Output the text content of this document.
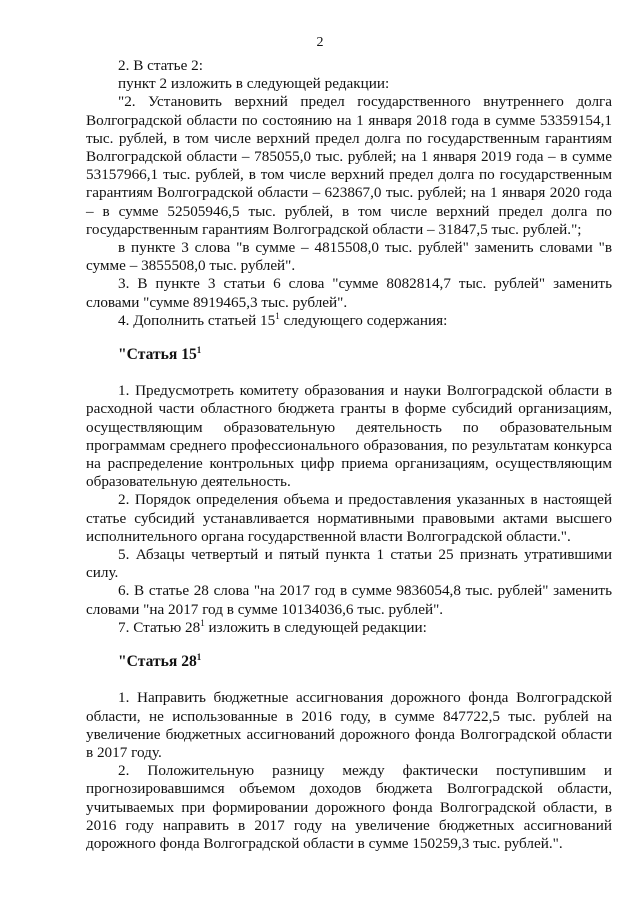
2

2. В статье 2:

пункт 2 изложить в следующей редакции:

"2. Установить верхний предел государственного внутреннего долга Волгоградской области по состоянию на 1 января 2018 года в сумме 53359154,1 тыс. рублей, в том числе верхний предел долга по государственным гарантиям Волгоградской области – 785055,0 тыс. рублей; на 1 января 2019 года – в сумме 53157966,1 тыс. рублей, в том числе верхний предел долга по государственным гарантиям Волгоградской области – 623867,0 тыс. рублей; на 1 января 2020 года – в сумме 52505946,5 тыс. рублей, в том числе верхний предел долга по государственным гарантиям Волгоградской области – 31847,5 тыс. рублей.";

в пункте 3 слова "в сумме – 4815508,0 тыс. рублей" заменить словами "в сумме – 3855508,0 тыс. рублей".

3. В пункте 3 статьи 6 слова "сумме 8082814,7 тыс. рублей" заменить словами "сумме 8919465,3 тыс. рублей".

4. Дополнить статьей $15^1$ следующего содержания:

"Статья $15^1$

1. Предусмотреть комитету образования и науки Волгоградской области в расходной части областного бюджета гранты в форме субсидий организациям, осуществляющим образовательную деятельность по образовательным программам среднего профессионального образования, по результатам конкурса на распределение контрольных цифр приема организациям, осуществляющим образовательную деятельность.

2. Порядок определения объема и предоставления указанных в настоящей статье субсидий устанавливается нормативными правовыми актами высшего исполнительного органа государственной власти Волгоградской области.".

5. Абзацы четвертый и пятый пункта 1 статьи 25 признать утратившими силу.

6. В статье 28 слова "на 2017 год в сумме 9836054,8 тыс. рублей" заменить словами "на 2017 год в сумме 10134036,6 тыс. рублей".

7. Статью $28^1$ изложить в следующей редакции:

"Статья $28^1$

1. Направить бюджетные ассигнования дорожного фонда Волгоградской области, не использованные в 2016 году, в сумме 847722,5 тыс. рублей на увеличение бюджетных ассигнований дорожного фонда Волгоградской области в 2017 году.

2. Положительную разницу между фактически поступившим и прогнозировавшимся объемом доходов бюджета Волгоградской области, учитываемых при формировании дорожного фонда Волгоградской области, в 2016 году направить в 2017 году на увеличение бюджетных ассигнований дорожного фонда Волгоградской области в сумме 150259,3 тыс. рублей.".
